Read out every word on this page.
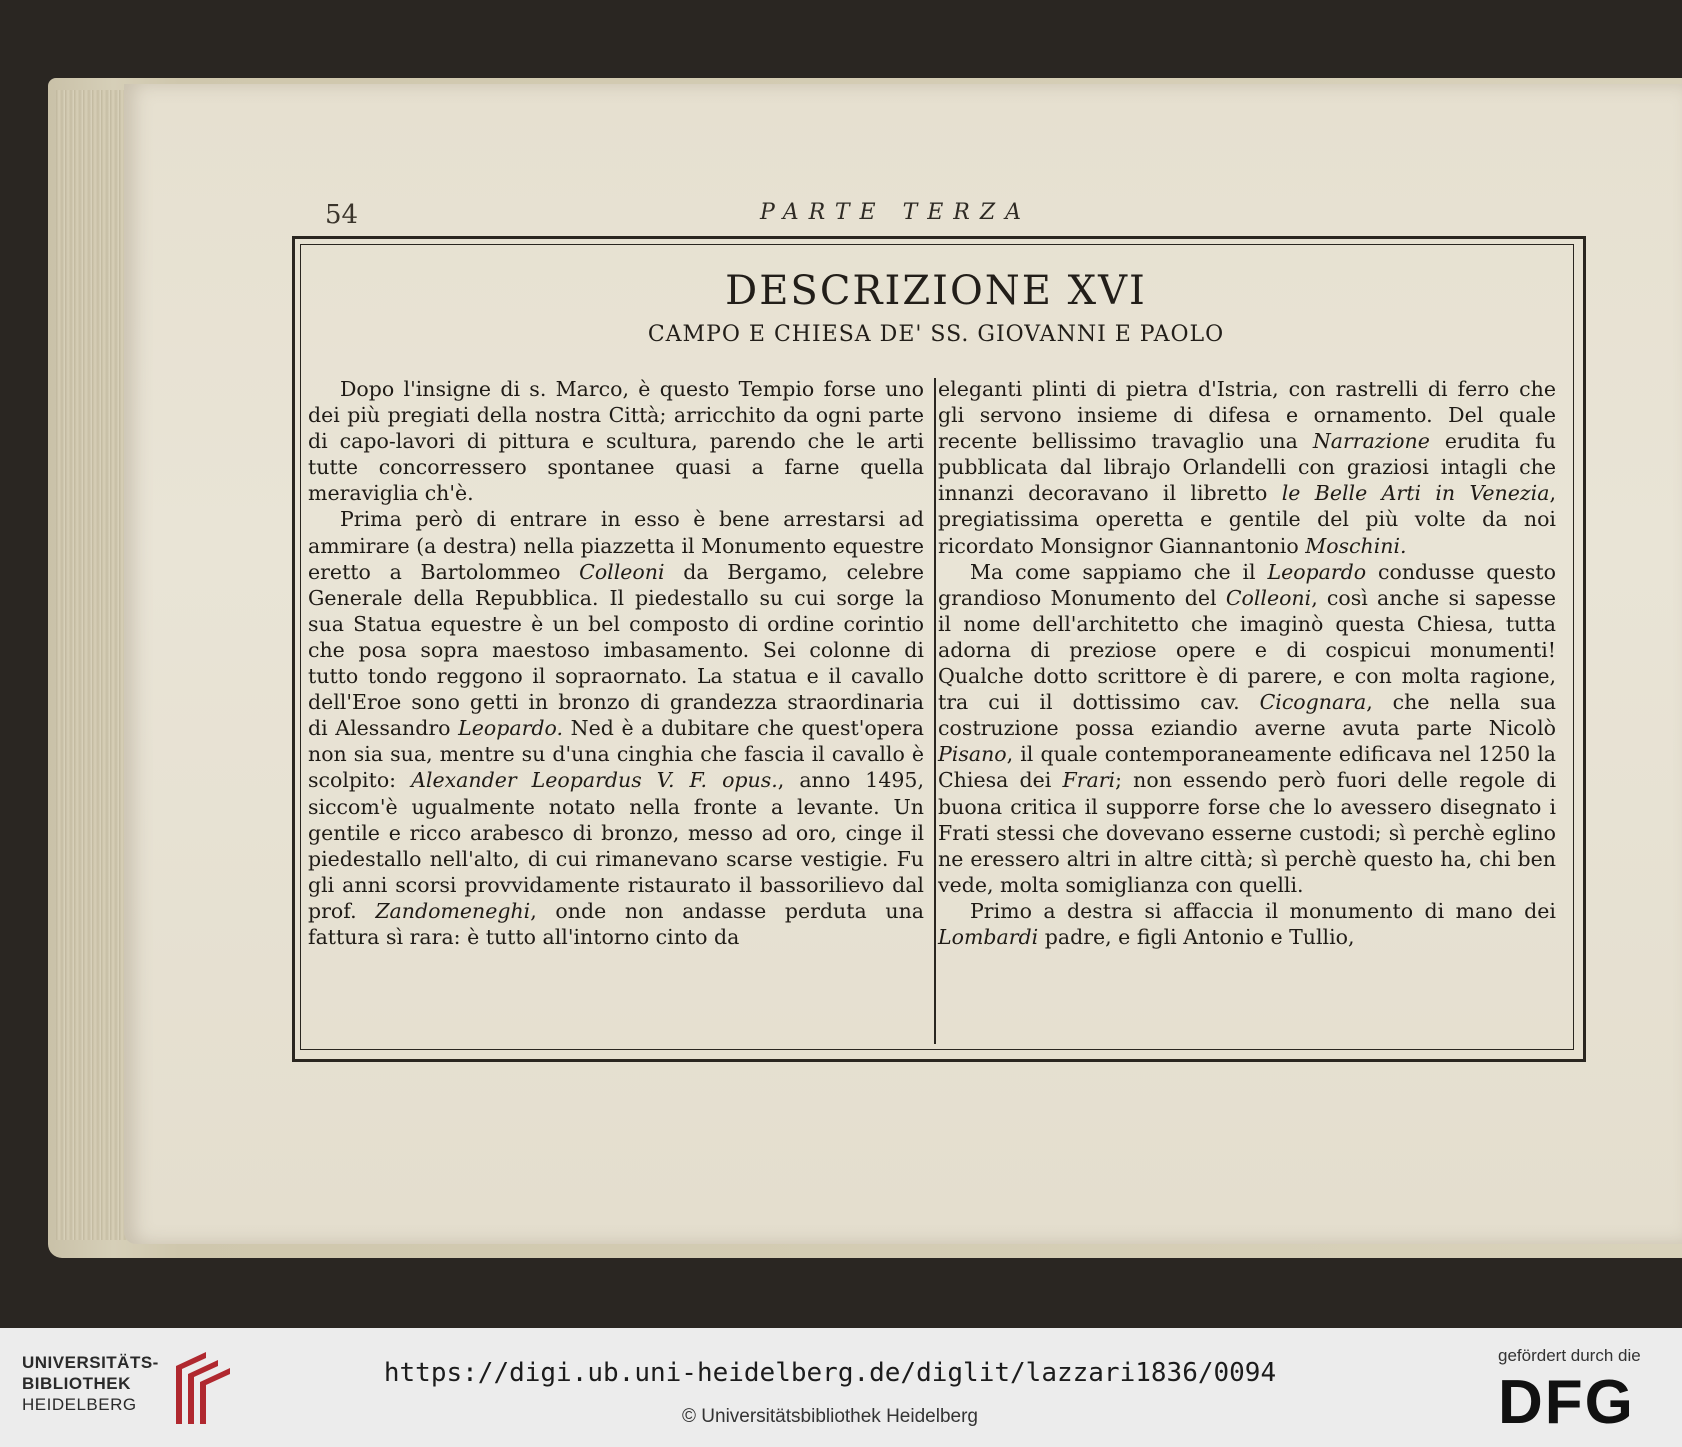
54	PARTE TERZA
DESCRIZIONE XVI
CAMPO E CHIESA DE' SS. GIOVANNI E PAOLO

Dopo l'insigne di s. Marco, è questo Tempio forse uno dei più pregiati della nostra Città; arricchito da ogni parte di capo-lavori di pittura e scultura, parendo che le arti tutte concorressero spontanee quasi a farne quella meraviglia ch'è.

Prima però di entrare in esso è bene arrestarsi ad ammirare (a destra) nella piazzetta il Monumento equestre eretto a Bartolommeo Colleoni da Bergamo, celebre Generale della Repubblica. Il piedestallo su cui sorge la sua Statua equestre è un bel composto di ordine corintio che posa sopra maestoso imbasamento. Sei colonne di tutto tondo reggono il sopraornato. La statua e il cavallo dell'Eroe sono getti in bronzo di grandezza straordinaria di Alessandro Leopardo. Ned è a dubitare che quest'opera non sia sua, mentre su d'una cinghia che fascia il cavallo è scolpito: Alexander Leopardus V. F. opus., anno 1495, siccom'è ugualmente notato nella fronte a levante. Un gentile e ricco arabesco di bronzo, messo ad oro, cinge il piedestallo nell'alto, di cui rimanevano scarse vestigie. Fu gli anni scorsi provvidamente ristaurato il bassorilievo dal prof. Zandomeneghi, onde non andasse perduta una fattura sì rara: è tutto all'intorno cinto da

eleganti plinti di pietra d'Istria, con rastrelli di ferro che gli servono insieme di difesa e ornamento. Del quale recente bellissimo travaglio una Narrazione erudita fu pubblicata dal librajo Orlandelli con graziosi intagli che innanzi decoravano il libretto le Belle Arti in Venezia, pregiatissima operetta e gentile del più volte da noi ricordato Monsignor Giannantonio Moschini.

Ma come sappiamo che il Leopardo condusse questo grandioso Monumento del Colleoni, così anche si sapesse il nome dell'architetto che imaginò questa Chiesa, tutta adorna di preziose opere e di cospicui monumenti! Qualche dotto scrittore è di parere, e con molta ragione, tra cui il dottissimo cav. Cicognara, che nella sua costruzione possa eziandio averne avuta parte Nicolò Pisano, il quale contemporaneamente edificava nel 1250 la Chiesa dei Frari; non essendo però fuori delle regole di buona critica il supporre forse che lo avessero disegnato i Frati stessi che dovevano esserne custodi; sì perchè eglino ne eressero altri in altre città; sì perchè questo ha, chi ben vede, molta somiglianza con quelli.

Primo a destra si affaccia il monumento di mano dei Lombardi padre, e figli Antonio e Tullio,

UNIVERSITÄTS-
BIBLIOTHEK
HEIDELBERG
https://digi.ub.uni-heidelberg.de/diglit/lazzari1836/0094
© Universitätsbibliothek Heidelberg
gefördert durch die
DFG
